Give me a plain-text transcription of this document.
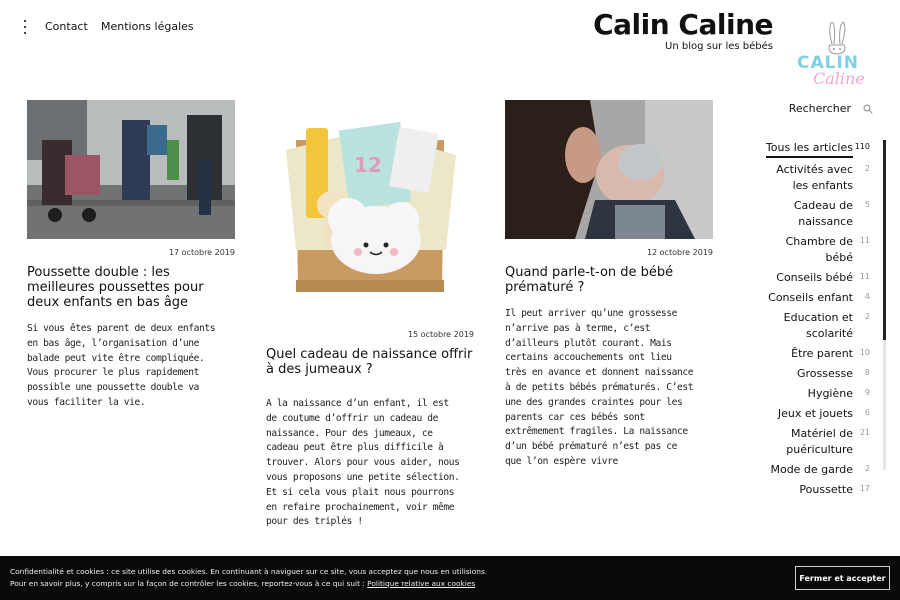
Contact Mentions légales	Calin Caline
Un blog sur les bébés
CALIN
Caline
17 octobre 2019
Poussette double : les meilleures poussettes pour deux enfants en bas âge
Si vous êtes parent de deux enfants en bas âge, l’organisation d’une balade peut vite être compliquée. Vous procurer le plus rapidement possible une poussette double va vous faciliter la vie.
12
15 octobre 2019
Quel cadeau de naissance offrir à des jumeaux ?
A la naissance d’un enfant, il est de coutume d’offrir un cadeau de naissance. Pour des jumeaux, ce cadeau peut être plus difficile à trouver. Alors pour vous aider, nous vous proposons une petite sélection. Et si cela vous plait nous pourrons en refaire prochainement, voir même pour des triplés !
12 octobre 2019
Quand parle-t-on de bébé prématuré ?
Il peut arriver qu’une grossesse n’arrive pas à terme, c’est d’ailleurs plutôt courant. Mais certains accouchements ont lieu très en avance et donnent naissance à de petits bébés prématurés. C’est une des grandes craintes pour les parents car ces bébés sont extrêmement fragiles. La naissance d’un bébé prématuré n’est pas ce que l’on espère vivre
Rechercher
Tous les articles 110
Activités avec les enfants
2
Cadeau de naissance
5
Chambre de bébé
11
Conseils bébé 11
Conseils enfant 4
Education et scolarité
2
Être parent 10
Grossesse 8
Hygiène 9
Jeux et jouets 6
Matériel de puériculture
21
Mode de garde 2
Poussette 17
Confidentialité et cookies : ce site utilise des cookies. En continuant à naviguer sur ce site, vous acceptez que nous en utilisions.
Pour en savoir plus, y compris sur la façon de contrôler les cookies, reportez-vous à ce qui suit : Politique relative aux cookies
Fermer et accepter
